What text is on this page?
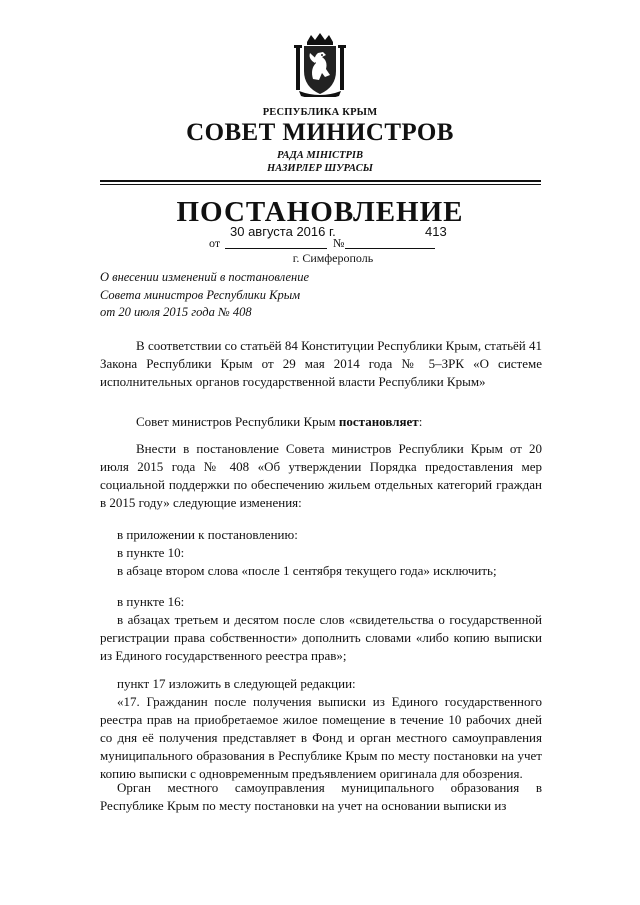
РЕСПУБЛИКА КРЫМ
СОВЕТ МИНИСТРОВ
РАДА МІНІСТРІВ
НАЗИРЛЕР ШУРАСЫ
ПОСТАНОВЛЕНИЕ
от
30 августа 2016 г.
№
413
г. Симферополь
О внесении изменений в постановление
Совета министров Республики Крым
от 20 июля 2015 года № 408
В соответствии со статьёй 84 Конституции Республики Крым, статьёй 41 Закона Республики Крым от 29 мая 2014 года № 5–ЗРК «О системе исполнительных органов государственной власти Республики Крым»
Совет министров Республики Крым постановляет:
Внести в постановление Совета министров Республики Крым от 20 июля 2015 года № 408 «Об утверждении Порядка предоставления мер социальной поддержки по обеспечению жильем отдельных категорий граждан в 2015 году» следующие изменения:
в приложении к постановлению:
в пункте 10:
в абзаце втором слова «после 1 сентября текущего года» исключить;
в пункте 16:
в абзацах третьем и десятом после слов «свидетельства о государственной регистрации права собственности» дополнить словами «либо копию выписки из Единого государственного реестра прав»;
пункт 17 изложить в следующей редакции:
«17. Гражданин после получения выписки из Единого государственного реестра прав на приобретаемое жилое помещение в течение 10 рабочих дней со дня её получения представляет в Фонд и орган местного самоуправления муниципального образования в Республике Крым по месту постановки на учет копию выписки с одновременным предъявлением оригинала для обозрения.
Орган местного самоуправления муниципального образования в Республике Крым по месту постановки на учет на основании выписки из
